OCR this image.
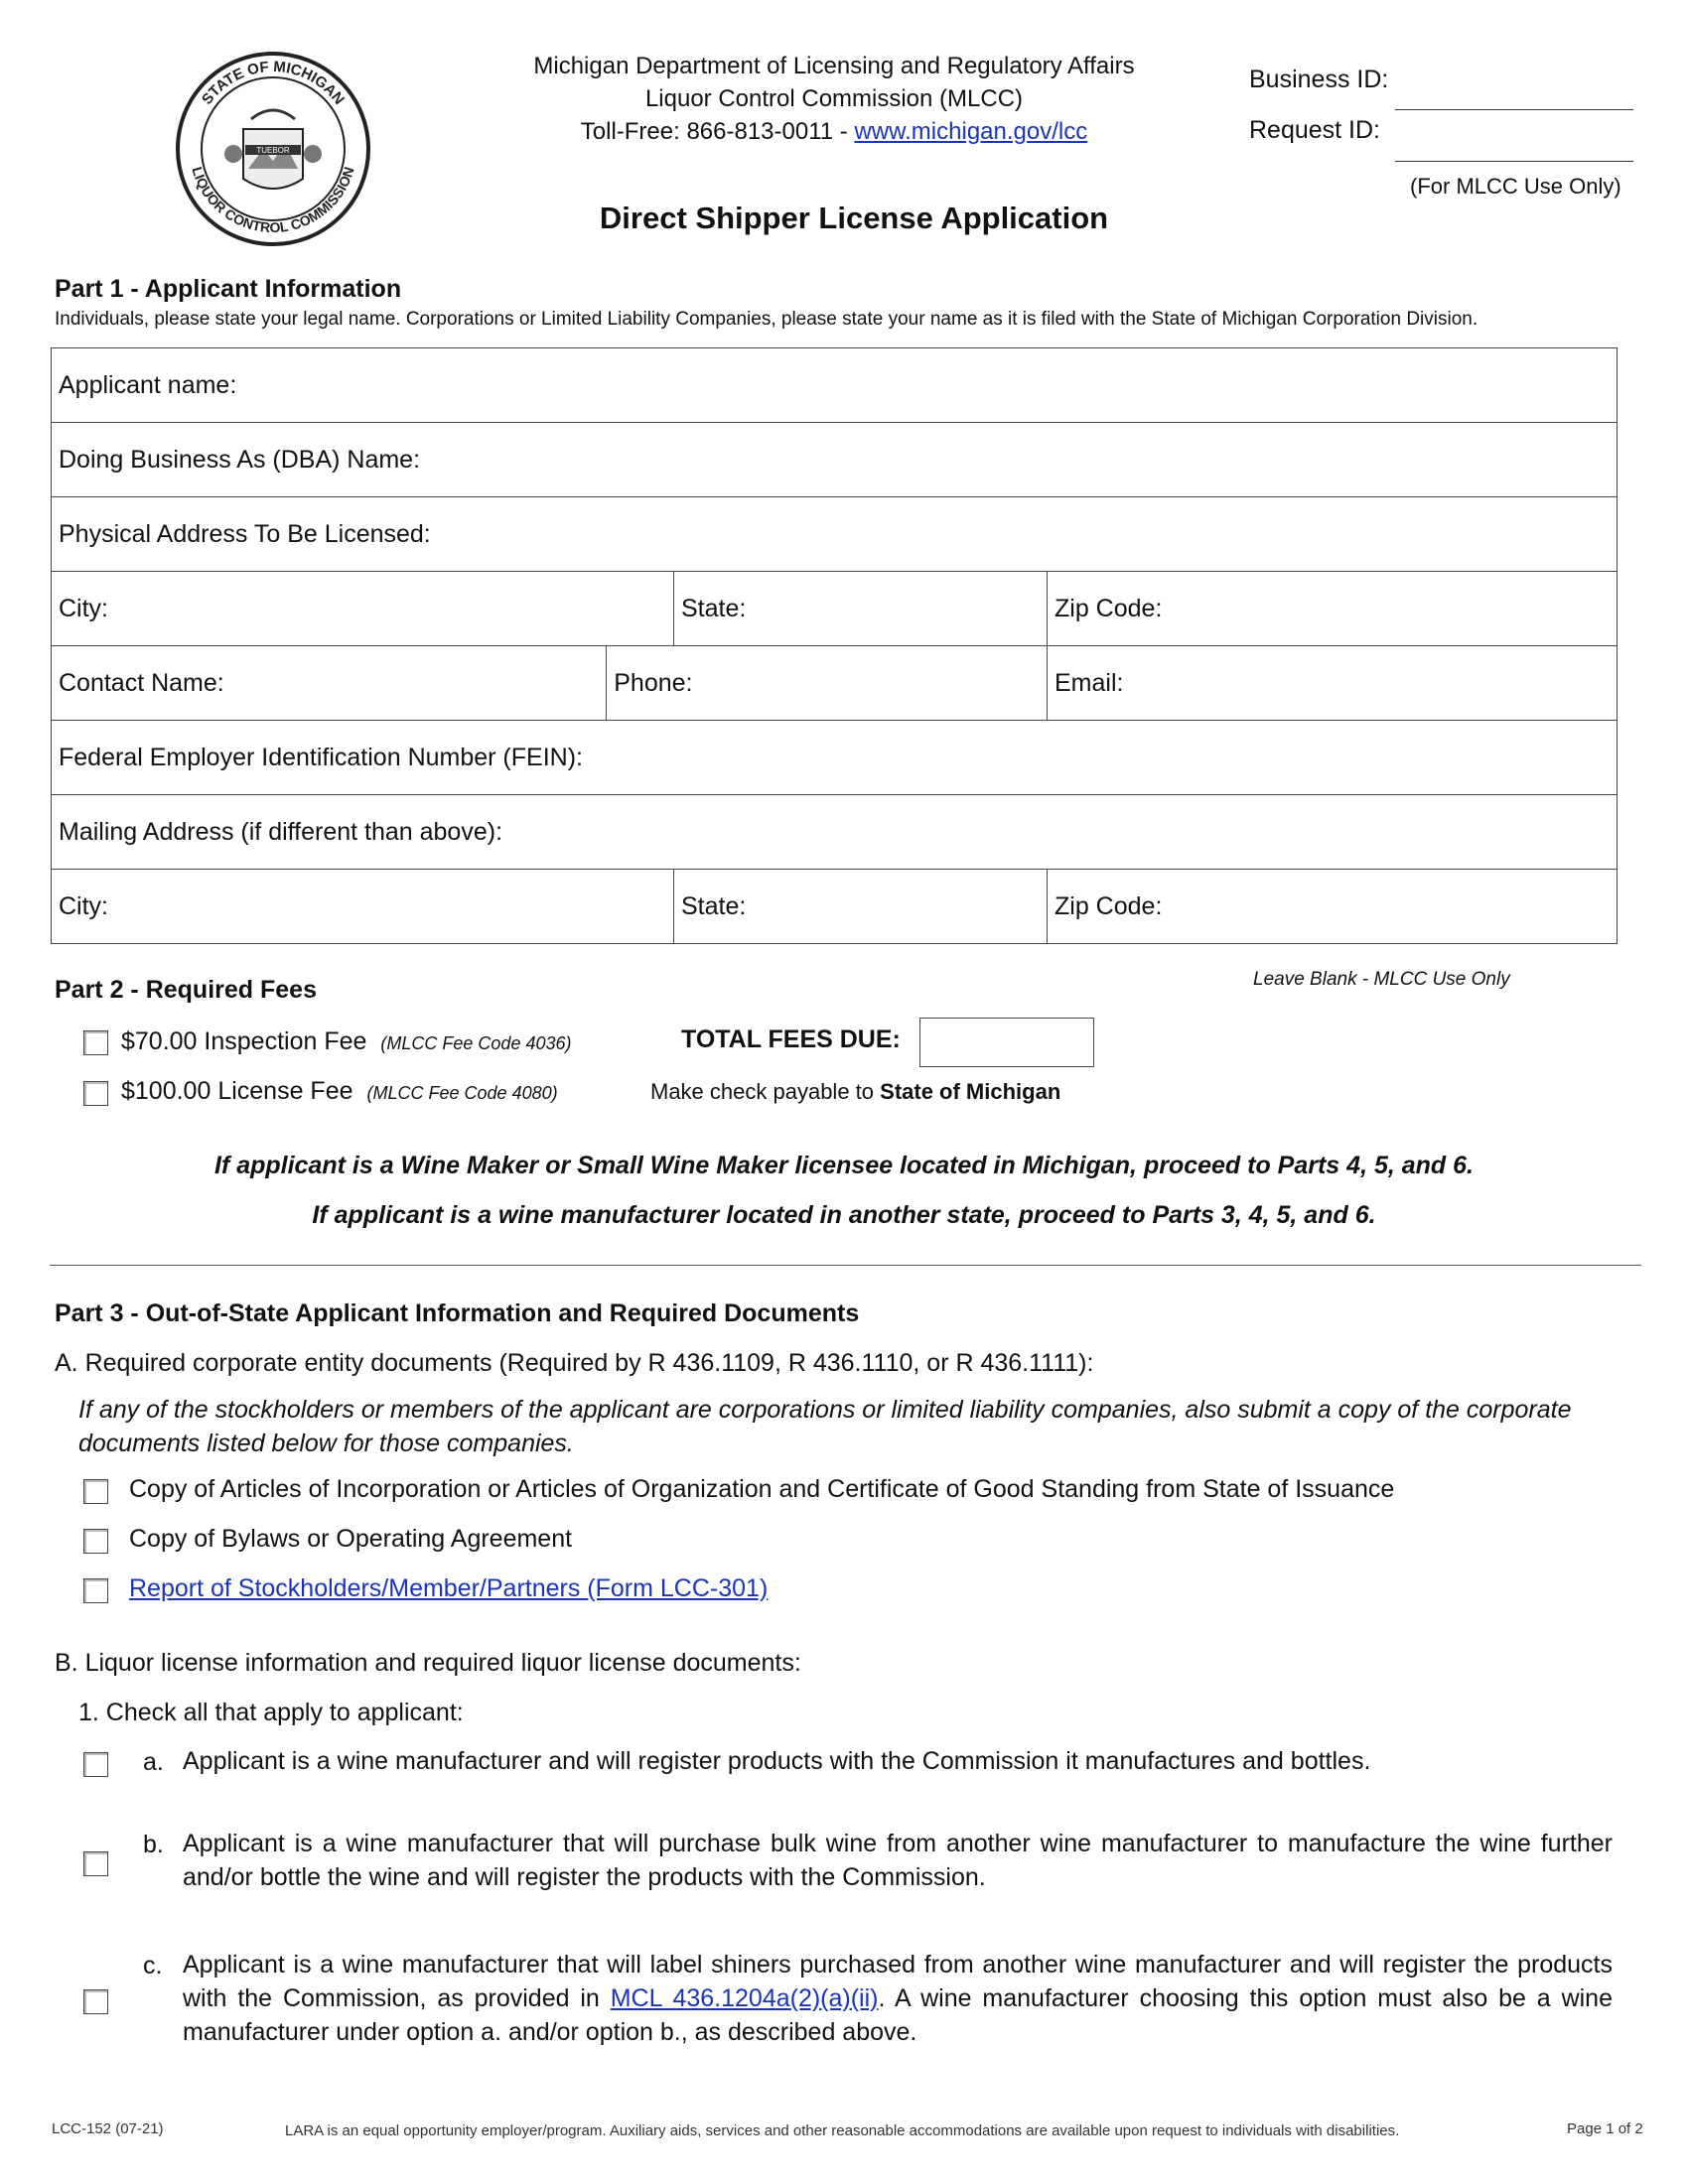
STATE OF MICHIGAN
LIQUOR CONTROL COMMISSION
TUEBOR
Michigan Department of Licensing and Regulatory Affairs
Liquor Control Commission (MLCC)
Toll-Free: 866-813-0011 - www.michigan.gov/lcc
Direct Shipper License Application
Business ID:
Request ID:
(For MLCC Use Only)
Part 1 - Applicant Information
Individuals, please state your legal name. Corporations or Limited Liability Companies, please state your name as it is filed with the State of Michigan Corporation Division.
Applicant name:				
Doing Business As (DBA) Name:				
Physical Address To Be Licensed:				
City:		State:		Zip Code:
Contact Name:	Phone:			Email:
Federal Employer Identification Number (FEIN):				
Mailing Address (if different than above):				
City:		State:		Zip Code:

Part 2 - Required Fees	Leave Blank - MLCC Use Only
$70.00 Inspection Fee (MLCC Fee Code 4036)
$100.00 License Fee (MLCC Fee Code 4080)
TOTAL FEES DUE:
Make check payable to State of Michigan
If applicant is a Wine Maker or Small Wine Maker licensee located in Michigan, proceed to Parts 4, 5, and 6.
If applicant is a wine manufacturer located in another state, proceed to Parts 3, 4, 5, and 6.
Part 3 - Out-of-State Applicant Information and Required Documents
A. Required corporate entity documents (Required by R 436.1109, R 436.1110, or R 436.1111):
If any of the stockholders or members of the applicant are corporations or limited liability companies, also submit a copy of the corporate documents listed below for those companies.
Copy of Articles of Incorporation or Articles of Organization and Certificate of Good Standing from State of Issuance
Copy of Bylaws or Operating Agreement
Report of Stockholders/Member/Partners (Form LCC-301)
B. Liquor license information and required liquor license documents:
1. Check all that apply to applicant:
a. Applicant is a wine manufacturer and will register products with the Commission it manufactures and bottles.
b. Applicant is a wine manufacturer that will purchase bulk wine from another wine manufacturer to manufacture the wine further and/or bottle the wine and will register the products with the Commission.
c. Applicant is a wine manufacturer that will label shiners purchased from another wine manufacturer and will register the products with the Commission, as provided in MCL 436.1204a(2)(a)(ii). A wine manufacturer choosing this option must also be a wine manufacturer under option a. and/or option b., as described above.
LCC-152 (07-21)	LARA is an equal opportunity employer/program. Auxiliary aids, services and other reasonable accommodations are available upon request to individuals with disabilities.	Page 1 of 2
